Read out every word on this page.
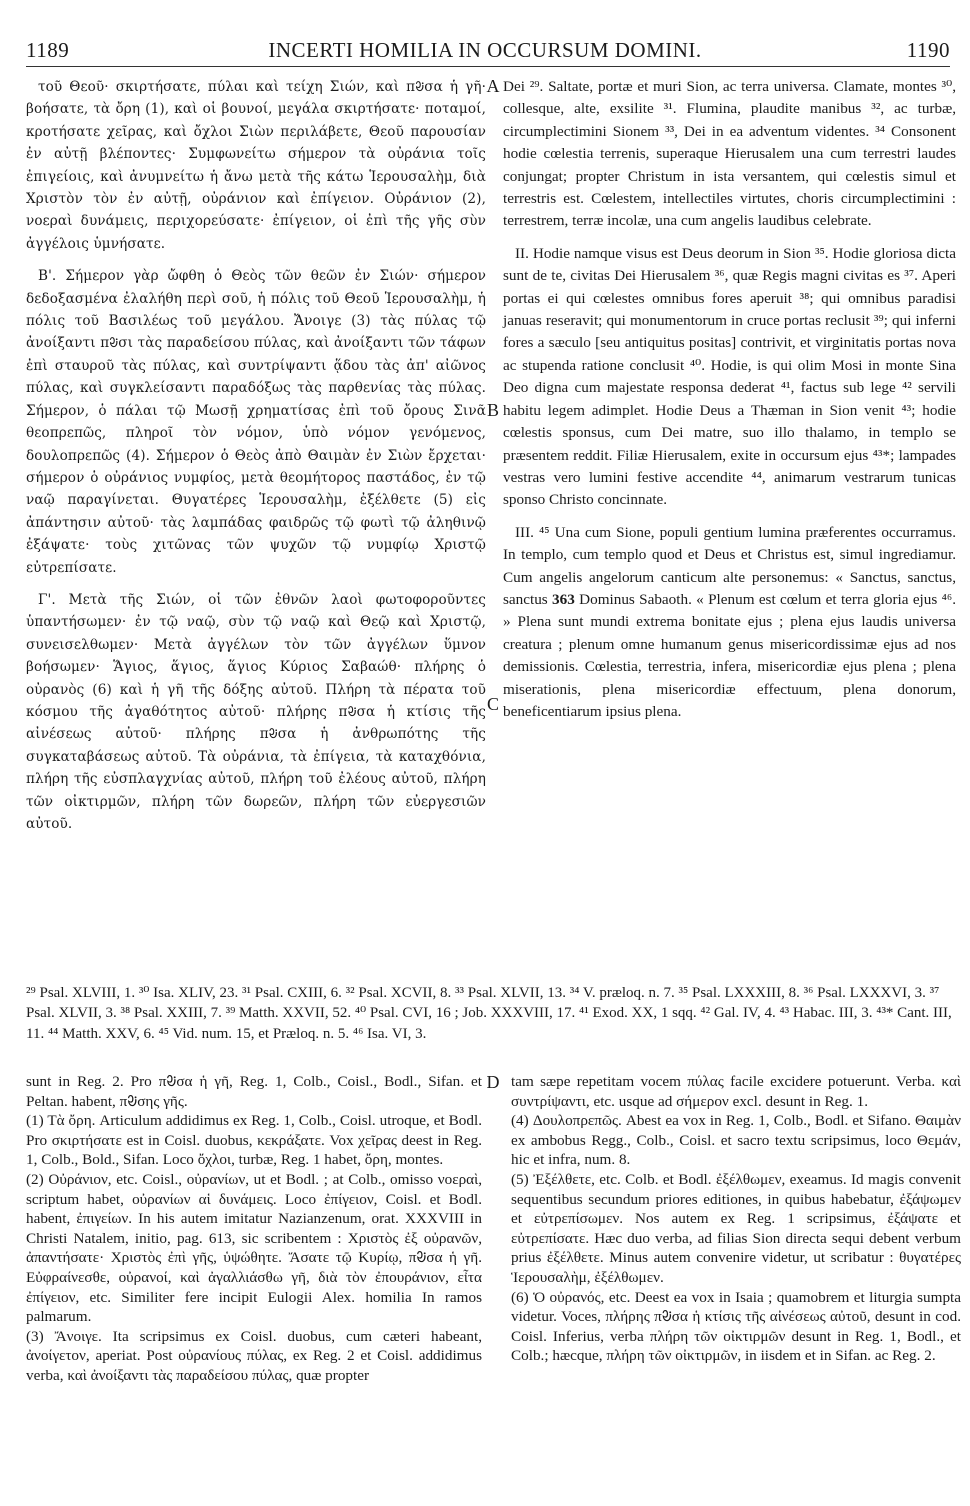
1189	INCERTI HOMILIA IN OCCURSUM DOMINI.	1190

τοῦ Θεοῦ· σκιρτήσατε, πύλαι καὶ τείχη Σιών, καὶ πᱶσα ἡ γῆ· βοήσατε, τὰ ὄρη (1), καὶ οἱ βουνοί, μεγάλα σκιρτήσατε· ποταμοί, κροτήσατε χεῖρας, καὶ ὄχλοι Σιὼν περιλάβετε, Θεοῦ παρουσίαν ἐν αὐτῇ βλέποντες· Συμφωνείτω σήμερον τὰ οὐράνια τοῖς ἐπιγείοις, καὶ ἀνυμνείτω ἡ ἄνω μετὰ τῆς κάτω Ἱερουσαλὴμ, διὰ Χριστὸν τὸν ἐν αὐτῇ, οὐράνιον καὶ ἐπίγειον. Οὐράνιον (2), νοεραὶ δυνάμεις, περιχορεύσατε· ἐπίγειον, οἱ ἐπὶ τῆς γῆς σὺν ἀγγέλοις ὑμνήσατε.

Β'. Σήμερον γὰρ ὤφθη ὁ Θεὸς τῶν θεῶν ἐν Σιών· σήμερον δεδοξασμένα ἐλαλήθη περὶ σοῦ, ἡ πόλις τοῦ Θεοῦ Ἱερουσαλὴμ, ἡ πόλις τοῦ Βασιλέως τοῦ μεγάλου. Ἄνοιγε (3) τὰς πύλας τῷ ἀνοίξαντι πᱶσι τὰς παραδείσου πύλας, καὶ ἀνοίξαντι τῶν τάφων ἐπὶ σταυροῦ τὰς πύλας, καὶ συντρίψαντι ᾅδου τὰς ἀπ' αἰῶνος πύλας, καὶ συγκλείσαντι παραδόξως τὰς παρθενίας τὰς πύλας. Σήμερον, ὁ πάλαι τῷ Μωσῇ χρηματίσας ἐπὶ τοῦ ὄρους Σινᾶ θεοπρεπῶς, πληροῖ τὸν νόμον, ὑπὸ νόμον γενόμενος, δουλοπρεπῶς (4). Σήμερον ὁ Θεὸς ἀπὸ Θαιμὰν ἐν Σιὼν ἔρχεται· σήμερον ὁ οὐράνιος νυμφίος, μετὰ θεομήτορος παστάδος, ἐν τῷ ναῷ παραγίνεται. Θυγατέρες Ἱερουσαλὴμ, ἐξέλθετε (5) εἰς ἀπάντησιν αὐτοῦ· τὰς λαμπάδας φαιδρῶς τῷ φωτὶ τῷ ἀληθινῷ ἐξάψατε· τοὺς χιτῶνας τῶν ψυχῶν τῷ νυμφίῳ Χριστῷ εὐτρεπίσατε.

Γ'. Μετὰ τῆς Σιών, οἱ τῶν ἐθνῶν λαοὶ φωτοφοροῦντες ὑπαντήσωμεν· ἐν τῷ ναῷ, σὺν τῷ ναῷ καὶ Θεῷ καὶ Χριστῷ, συνεισελθωμεν· Μετὰ ἀγγέλων τὸν τῶν ἀγγέλων ὕμνον βοήσωμεν· Ἅγιος, ἅγιος, ἅγιος Κύριος Σαβαώθ· πλήρης ὁ οὐρανὸς (6) καὶ ἡ γῆ τῆς δόξης αὐτοῦ. Πλήρη τὰ πέρατα τοῦ κόσμου τῆς ἀγαθότητος αὐτοῦ· πλήρης πᱶσα ἡ κτίσις τῆς αἰνέσεως αὐτοῦ· πλήρης πᱶσα ἡ ἀνθρωπότης τῆς συγκαταβάσεως αὐτοῦ. Τὰ οὐράνια, τὰ ἐπίγεια, τὰ καταχθόνια, πλήρη τῆς εὐσπλαγχνίας αὐτοῦ, πλήρη τοῦ ἐλέους αὐτοῦ, πλήρη τῶν οἰκτιρμῶν, πλήρη τῶν δωρεῶν, πλήρη τῶν εὐεργεσιῶν αὐτοῦ.

A
B
C

Dei ²⁹. Saltate, portæ et muri Sion, ac terra universa. Clamate, montes ³⁰, collesque, alte, exsilite ³¹. Flumina, plaudite manibus ³², ac turbæ, circumplectimini Sionem ³³, Dei in ea adventum videntes. ³⁴ Consonent hodie cœlestia terrenis, superaque Hierusalem una cum terrestri laudes conjungat; propter Christum in ista versantem, qui cœlestis simul et terrestris est. Cœlestem, intellectiles virtutes, choris circumplectimini : terrestrem, terræ incolæ, una cum angelis laudibus celebrate.

II. Hodie namque visus est Deus deorum in Sion ³⁵. Hodie gloriosa dicta sunt de te, civitas Dei Hierusalem ³⁶, quæ Regis magni civitas es ³⁷. Aperi portas ei qui cœlestes omnibus fores aperuit ³⁸; qui omnibus paradisi januas reseravit; qui monumentorum in cruce portas reclusit ³⁹; qui inferni fores a sæculo [seu antiquitus positas] contrivit, et virginitatis portas nova ac stupenda ratione conclusit ⁴⁰. Hodie, is qui olim Mosi in monte Sina Deo digna cum majestate responsa dederat ⁴¹, factus sub lege ⁴² servili habitu legem adimplet. Hodie Deus a Thæman in Sion venit ⁴³; hodie cœlestis sponsus, cum Dei matre, suo illo thalamo, in templo se præsentem reddit. Filiæ Hierusalem, exite in occursum ejus ⁴³*; lampades vestras vero lumini festive accendite ⁴⁴, animarum vestrarum tunicas sponso Christo concinnate.

III. ⁴⁵ Una cum Sione, populi gentium lumina præferentes occurramus. In templo, cum templo quod et Deus et Christus est, simul ingrediamur. Cum angelis angelorum canticum alte personemus: « Sanctus, sanctus, sanctus 363 Dominus Sabaoth. « Plenum est cœlum et terra gloria ejus ⁴⁶. » Plena sunt mundi extrema bonitate ejus ; plena ejus laudis universa creatura ; plenum omne humanum genus misericordissimæ ejus ad nos demissionis. Cœlestia, terrestria, infera, misericordiæ ejus plena ; plena miserationis, plena misericordiæ effectuum, plena donorum, beneficentiarum ipsius plena.

²⁹ Psal. XLVIII, 1. ³⁰ Isa. XLIV, 23. ³¹ Psal. CXIII, 6. ³² Psal. XCVII, 8. ³³ Psal. XLVII, 13. ³⁴ V. præloq. n. 7. ³⁵ Psal. LXXXIII, 8. ³⁶ Psal. LXXXVI, 3. ³⁷ Psal. XLVII, 3. ³⁸ Psal. XXIII, 7. ³⁹ Matth. XXVII, 52. ⁴⁰ Psal. CVI, 16 ; Job. XXXVIII, 17. ⁴¹ Exod. XX, 1 sqq. ⁴² Gal. IV, 4. ⁴³ Habac. III, 3. ⁴³* Cant. III, 11. ⁴⁴ Matth. XXV, 6. ⁴⁵ Vid. num. 15, et Præloq. n. 5. ⁴⁶ Isa. VI, 3.
D
sunt in Reg. 2. Pro πᱶσα ἡ γῆ, Reg. 1, Colb., Coisl., Bodl., Sifan. et Peltan. habent, πᱶσης γῆς.
(1) Τὰ ὄρη. Articulum addidimus ex Reg. 1, Colb., Coisl. utroque, et Bodl. Pro σκιρτήσατε est in Coisl. duobus, κεκράξατε. Vox χεῖρας deest in Reg. 1, Colb., Bold., Sifan. Loco ὄχλοι, turbæ, Reg. 1 habet, ὄρη, montes.
(2) Οὐράνιον, etc. Coisl., οὐρανίων, ut et Bodl. ; at Colb., omisso νοεραὶ, scriptum habet, οὐρανίων αἱ δυνάμεις. Loco ἐπίγειον, Coisl. et Bodl. habent, ἐπιγείων. In his autem imitatur Nazianzenum, orat. XXXVIII in Christi Natalem, initio, pag. 613, sic scribentem : Χριστὸς ἐξ οὐρανῶν, ἀπαντήσατε· Χριστὸς ἐπὶ γῆς, ὑψώθητε. Ἄσατε τῷ Κυρίῳ, πᱶσα ἡ γῆ. Εὐφραίνεσθε, οὐρανοί, καὶ ἀγαλλιάσθω γῆ, διὰ τὸν ἐπουράνιον, εἶτα ἐπίγειον, etc. Similiter fere incipit Eulogii Alex. homilia In ramos palmarum.
(3) Ἄνοιγε. Ita scripsimus ex Coisl. duobus, cum cæteri habeant, ἀνοίγετον, aperiat. Post οὐρανίους πύλας, ex Reg. 2 et Coisl. addidimus verba, καὶ ἀνοίξαντι τὰς παραδείσου πύλας, quæ propter
tam sæpe repetitam vocem πύλας facile excidere potuerunt. Verba. καὶ συντρίψαντι, etc. usque ad σήμερον excl. desunt in Reg. 1.
(4) Δουλοπρεπῶς. Abest ea vox in Reg. 1, Colb., Bodl. et Sifano. Θαιμὰν ex ambobus Regg., Colb., Coisl. et sacro textu scripsimus, loco Θεμάν, hic et infra, num. 8.
(5) Ἐξέλθετε, etc. Colb. et Bodl. ἐξέλθωμεν, exeamus. Id magis convenit sequentibus secundum priores editiones, in quibus habebatur, ἐξάψωμεν et εὐτρεπίσωμεν. Nos autem ex Reg. 1 scripsimus, ἐξάψατε et εὐτρεπίσατε. Hæc duo verba, ad filias Sion directa sequi debent verbum prius ἐξέλθετε. Minus autem convenire videtur, ut scribatur : θυγατέρες Ἱερουσαλὴμ, ἐξέλθωμεν.
(6) Ὁ οὐρανός, etc. Deest ea vox in Isaia ; quamobrem et liturgia sumpta videtur. Voces, πλήρης πᱶσα ἡ κτίσις τῆς αἰνέσεως αὐτοῦ, desunt in cod. Coisl. Inferius, verba πλήρη τῶν οἰκτιρμῶν desunt in Reg. 1, Bodl., et Colb.; hæcque, πλήρη τῶν οἰκτιρμῶν, in iisdem et in Sifan. ac Reg. 2.
